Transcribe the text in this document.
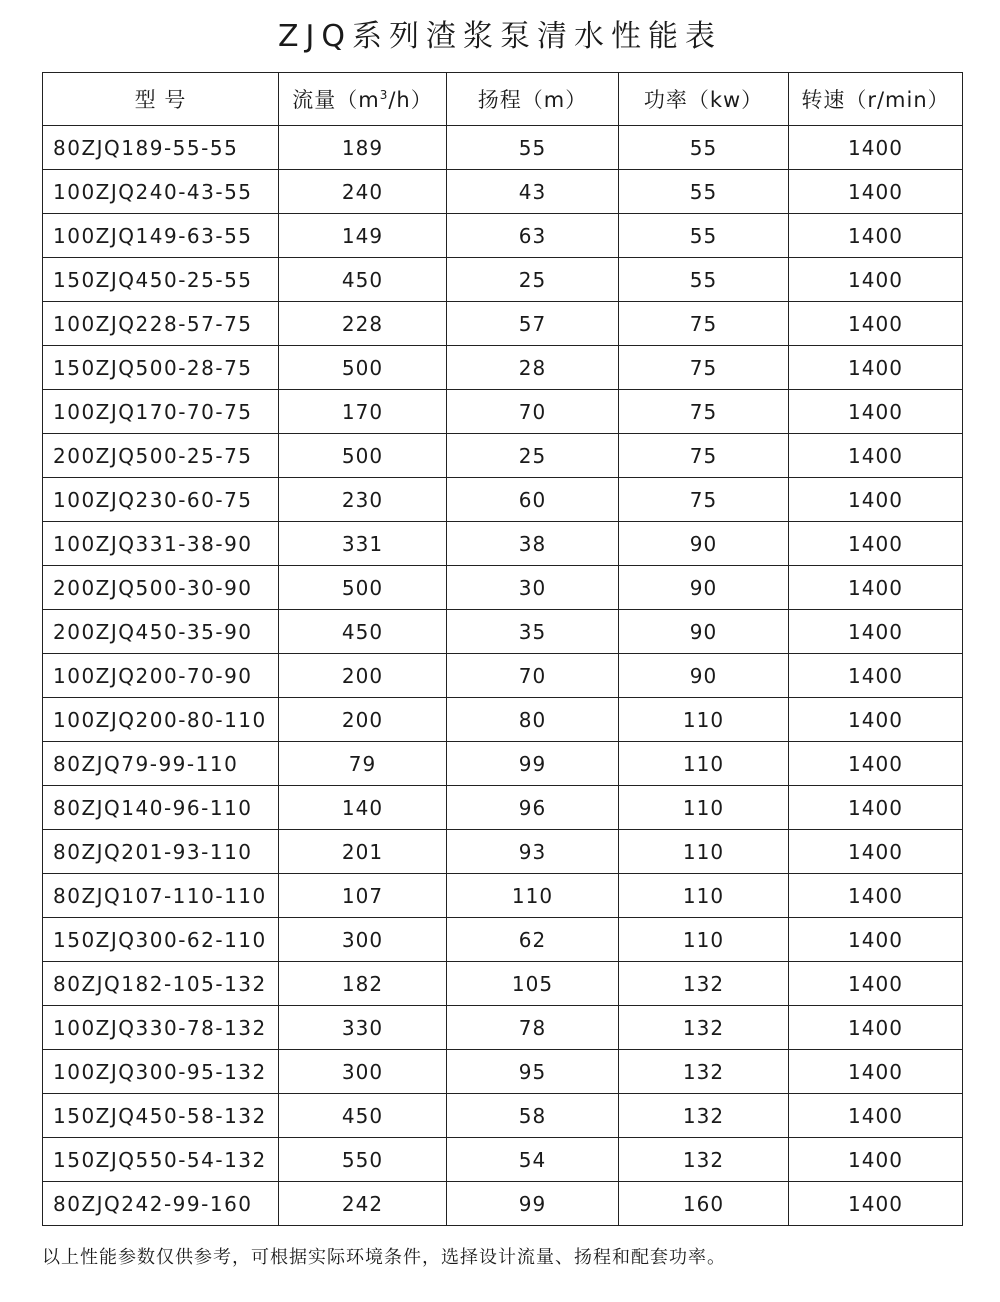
ZJQ系列渣浆泵清水性能表
型 号	流量$(m^3/h)$	扬程（m）	功率（kw）	转速（r/min）
80ZJQ189-55-55	189	55	55	1400
100ZJQ240-43-55	240	43	55	1400
100ZJQ149-63-55	149	63	55	1400
150ZJQ450-25-55	450	25	55	1400
100ZJQ228-57-75	228	57	75	1400
150ZJQ500-28-75	500	28	75	1400
100ZJQ170-70-75	170	70	75	1400
200ZJQ500-25-75	500	25	75	1400
100ZJQ230-60-75	230	60	75	1400
100ZJQ331-38-90	331	38	90	1400
200ZJQ500-30-90	500	30	90	1400
200ZJQ450-35-90	450	35	90	1400
100ZJQ200-70-90	200	70	90	1400
100ZJQ200-80-110	200	80	110	1400
80ZJQ79-99-110	79	99	110	1400
80ZJQ140-96-110	140	96	110	1400
80ZJQ201-93-110	201	93	110	1400
80ZJQ107-110-110	107	110	110	1400
150ZJQ300-62-110	300	62	110	1400
80ZJQ182-105-132	182	105	132	1400
100ZJQ330-78-132	330	78	132	1400
100ZJQ300-95-132	300	95	132	1400
150ZJQ450-58-132	450	58	132	1400
150ZJQ550-54-132	550	54	132	1400
80ZJQ242-99-160	242	99	160	1400
以上性能参数仅供参考，可根据实际环境条件，选择设计流量、扬程和配套功率。
